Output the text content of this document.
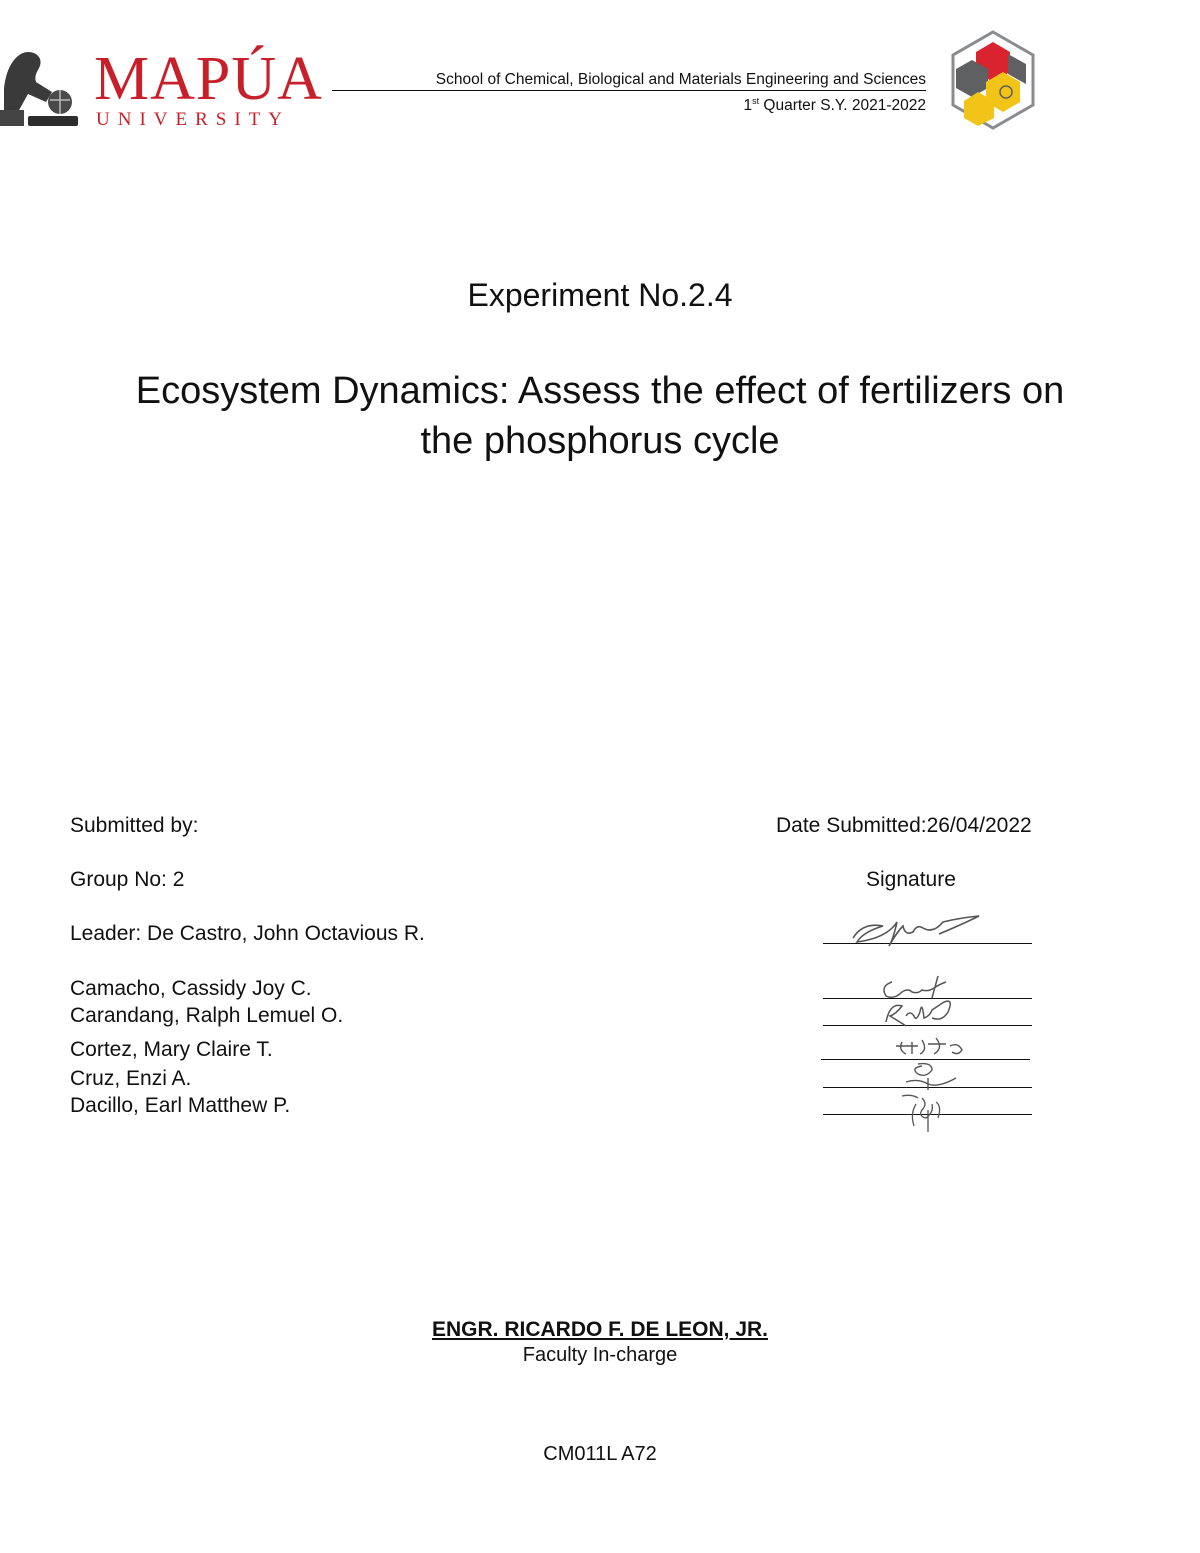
MAPÚA
UNIVERSITY
School of Chemical, Biological and Materials Engineering and Sciences
1st Quarter S.Y. 2021-2022
Experiment No.2.4
Ecosystem Dynamics: Assess the effect of fertilizers on
the phosphorus cycle
Submitted by:	Date Submitted:26/04/2022
Group No: 2	Signature
Leader: De Castro, John Octavious R.
Camacho, Cassidy Joy C.
Carandang, Ralph Lemuel O.
Cortez, Mary Claire T.
Cruz, Enzi A.
Dacillo, Earl Matthew P.
ENGR. RICARDO F. DE LEON, JR.
Faculty In-charge
CM011L A72
